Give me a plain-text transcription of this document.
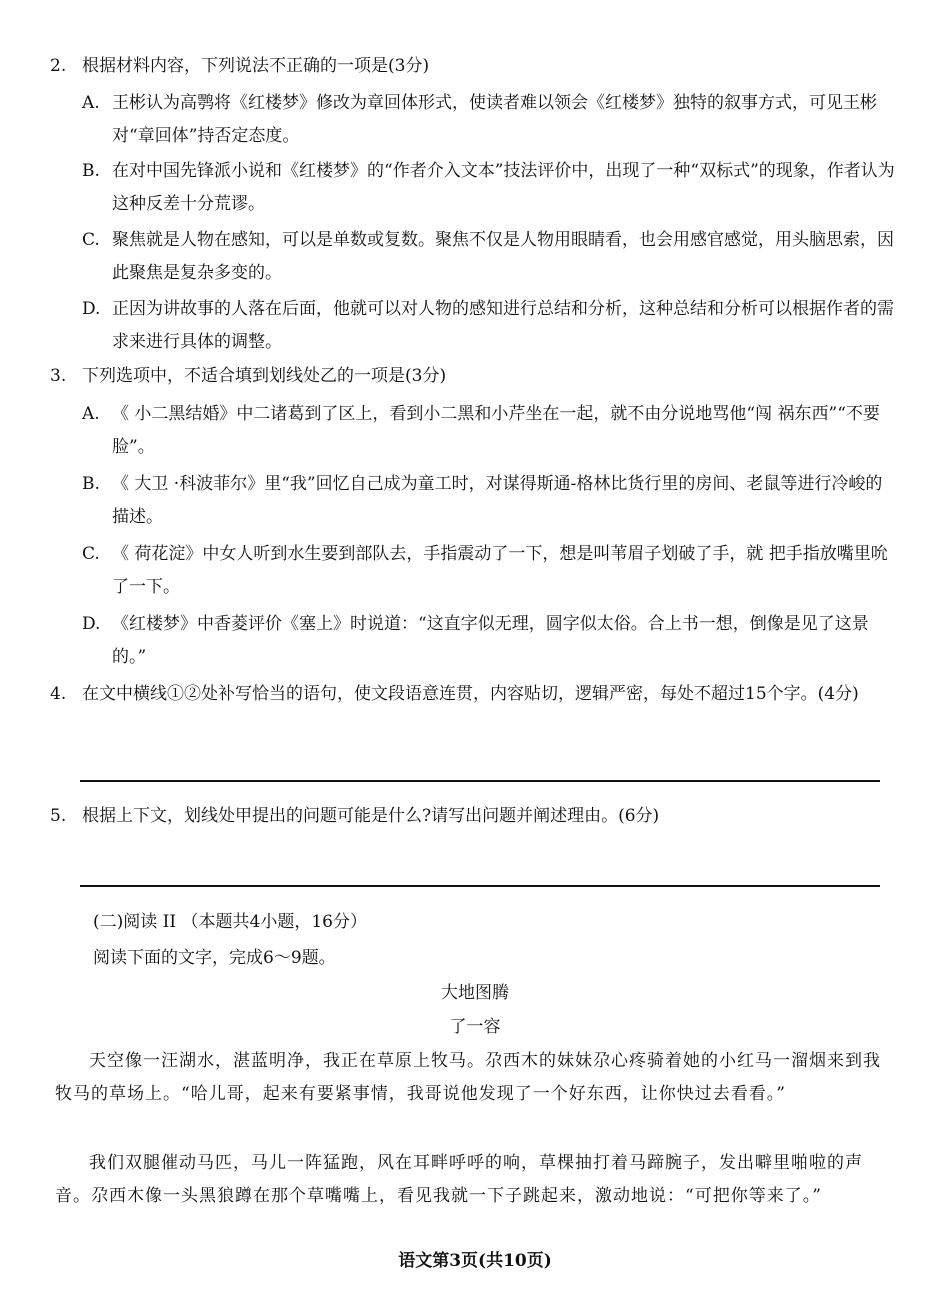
2. 根据材料内容，下列说法不正确的一项是(3分)
A. 王彬认为高鹗将《红楼梦》修改为章回体形式，使读者难以领会《红楼梦》独特的叙事方式，可见王彬对“章回体”持否定态度。
B. 在对中国先锋派小说和《红楼梦》的“作者介入文本”技法评价中，出现了一种“双标式”的现象，作者认为这种反差十分荒谬。
C. 聚焦就是人物在感知，可以是单数或复数。聚焦不仅是人物用眼睛看，也会用感官感觉，用头脑思索，因此聚焦是复杂多变的。
D. 正因为讲故事的人落在后面，他就可以对人物的感知进行总结和分析，这种总结和分析可以根据作者的需求来进行具体的调整。
3. 下列选项中，不适合填到划线处乙的一项是(3分)
A. 《 小二黑结婚》中二诸葛到了区上，看到小二黑和小芹坐在一起，就不由分说地骂他“闯 祸东西”“不要脸”。
B. 《 大卫 ·科波菲尔》里“我”回忆自己成为童工时，对谋得斯通-格林比货行里的房间、老鼠等进行冷峻的描述。
C. 《 荷花淀》中女人听到水生要到部队去，手指震动了一下，想是叫苇眉子划破了手，就 把手指放嘴里吮了一下。
D. 《红楼梦》中香菱评价《塞上》时说道：“这直字似无理，圆字似太俗。合上书一想，倒像是见了这景的。”
4. 在文中横线①②处补写恰当的语句，使文段语意连贯，内容贴切，逻辑严密，每处不超过15个字。(4分)
5. 根据上下文，划线处甲提出的问题可能是什么?请写出问题并阐述理由。(6分)
(二)阅读 II （本题共4小题，16分）
阅读下面的文字，完成6～9题。
大地图腾
了一容
天空像一汪湖水，湛蓝明净，我正在草原上牧马。尕西木的妹妹尕心疼骑着她的小红马一溜烟来到我牧马的草场上。“哈儿哥，起来有要紧事情，我哥说他发现了一个好东西，让你快过去看看。”
我们双腿催动马匹，马儿一阵猛跑，风在耳畔呼呼的响，草棵抽打着马蹄腕子，发出噼里啪啦的声音。尕西木像一头黑狼蹲在那个草嘴嘴上，看见我就一下子跳起来，激动地说：“可把你等来了。”
语文第3页(共10页)
